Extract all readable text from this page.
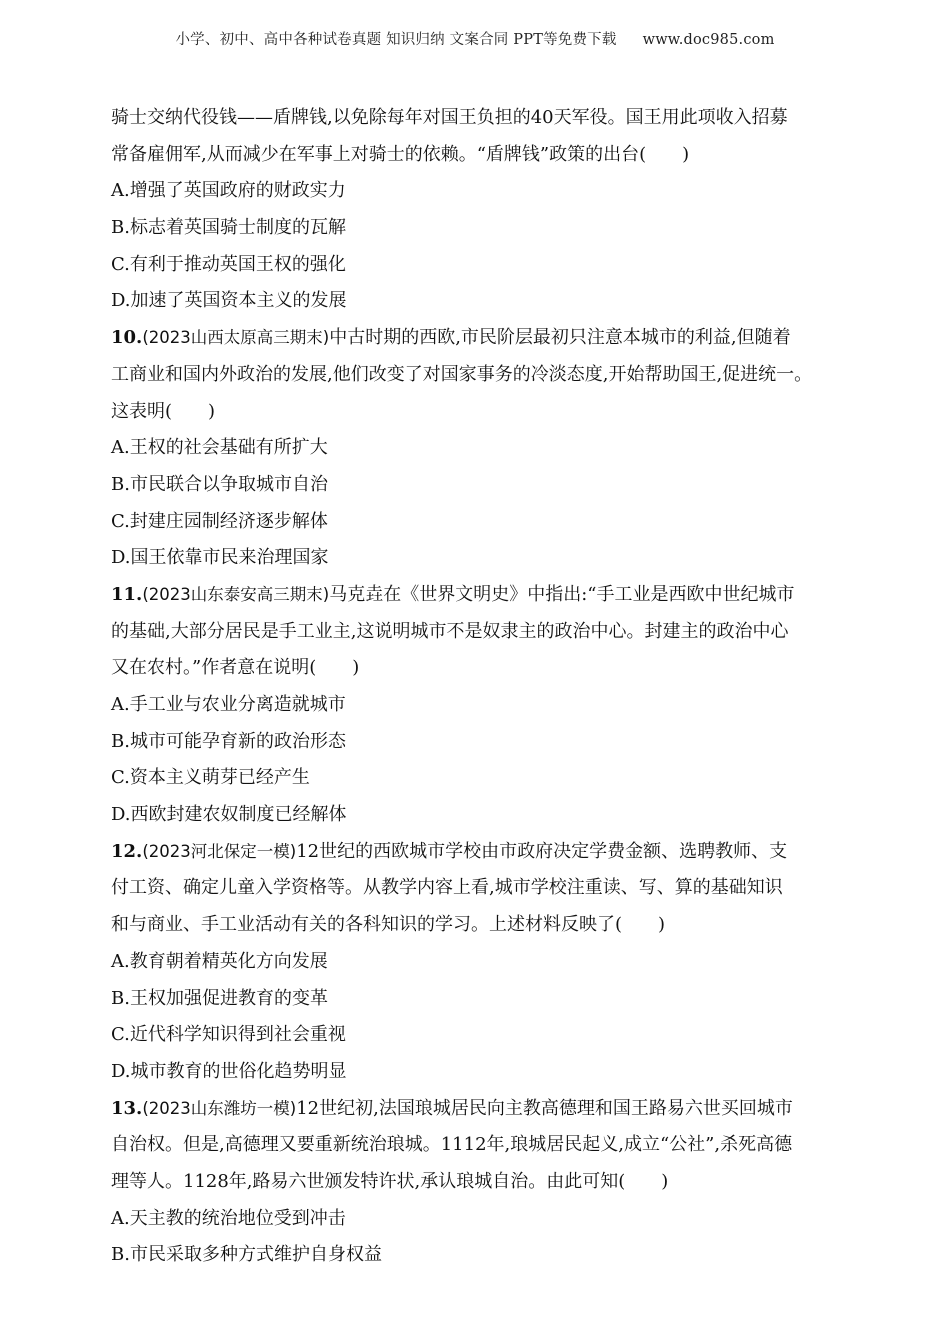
小学、初中、高中各种试卷真题 知识归纳 文案合同 PPT等免费下载 www.doc985.com
骑士交纳代役钱——盾牌钱,以免除每年对国王负担的40天军役。国王用此项收入招募
常备雇佣军,从而减少在军事上对骑士的依赖。“盾牌钱”政策的出台(　　)
A.增强了英国政府的财政实力
B.标志着英国骑士制度的瓦解
C.有利于推动英国王权的强化
D.加速了英国资本主义的发展
10.(2023山西太原高三期末)中古时期的西欧,市民阶层最初只注意本城市的利益,但随着
工商业和国内外政治的发展,他们改变了对国家事务的冷淡态度,开始帮助国王,促进统一。
这表明(　　)
A.王权的社会基础有所扩大
B.市民联合以争取城市自治
C.封建庄园制经济逐步解体
D.国王依靠市民来治理国家
11.(2023山东泰安高三期末)马克垚在《世界文明史》中指出:“手工业是西欧中世纪城市
的基础,大部分居民是手工业主,这说明城市不是奴隶主的政治中心。封建主的政治中心
又在农村。”作者意在说明(　　)
A.手工业与农业分离造就城市
B.城市可能孕育新的政治形态
C.资本主义萌芽已经产生
D.西欧封建农奴制度已经解体
12.(2023河北保定一模)12世纪的西欧城市学校由市政府决定学费金额、选聘教师、支
付工资、确定儿童入学资格等。从教学内容上看,城市学校注重读、写、算的基础知识
和与商业、手工业活动有关的各科知识的学习。上述材料反映了(　　)
A.教育朝着精英化方向发展
B.王权加强促进教育的变革
C.近代科学知识得到社会重视
D.城市教育的世俗化趋势明显
13.(2023山东潍坊一模)12世纪初,法国琅城居民向主教高德理和国王路易六世买回城市
自治权。但是,高德理又要重新统治琅城。1112年,琅城居民起义,成立“公社”,杀死高德
理等人。1128年,路易六世颁发特许状,承认琅城自治。由此可知(　　)
A.天主教的统治地位受到冲击
B.市民采取多种方式维护自身权益
